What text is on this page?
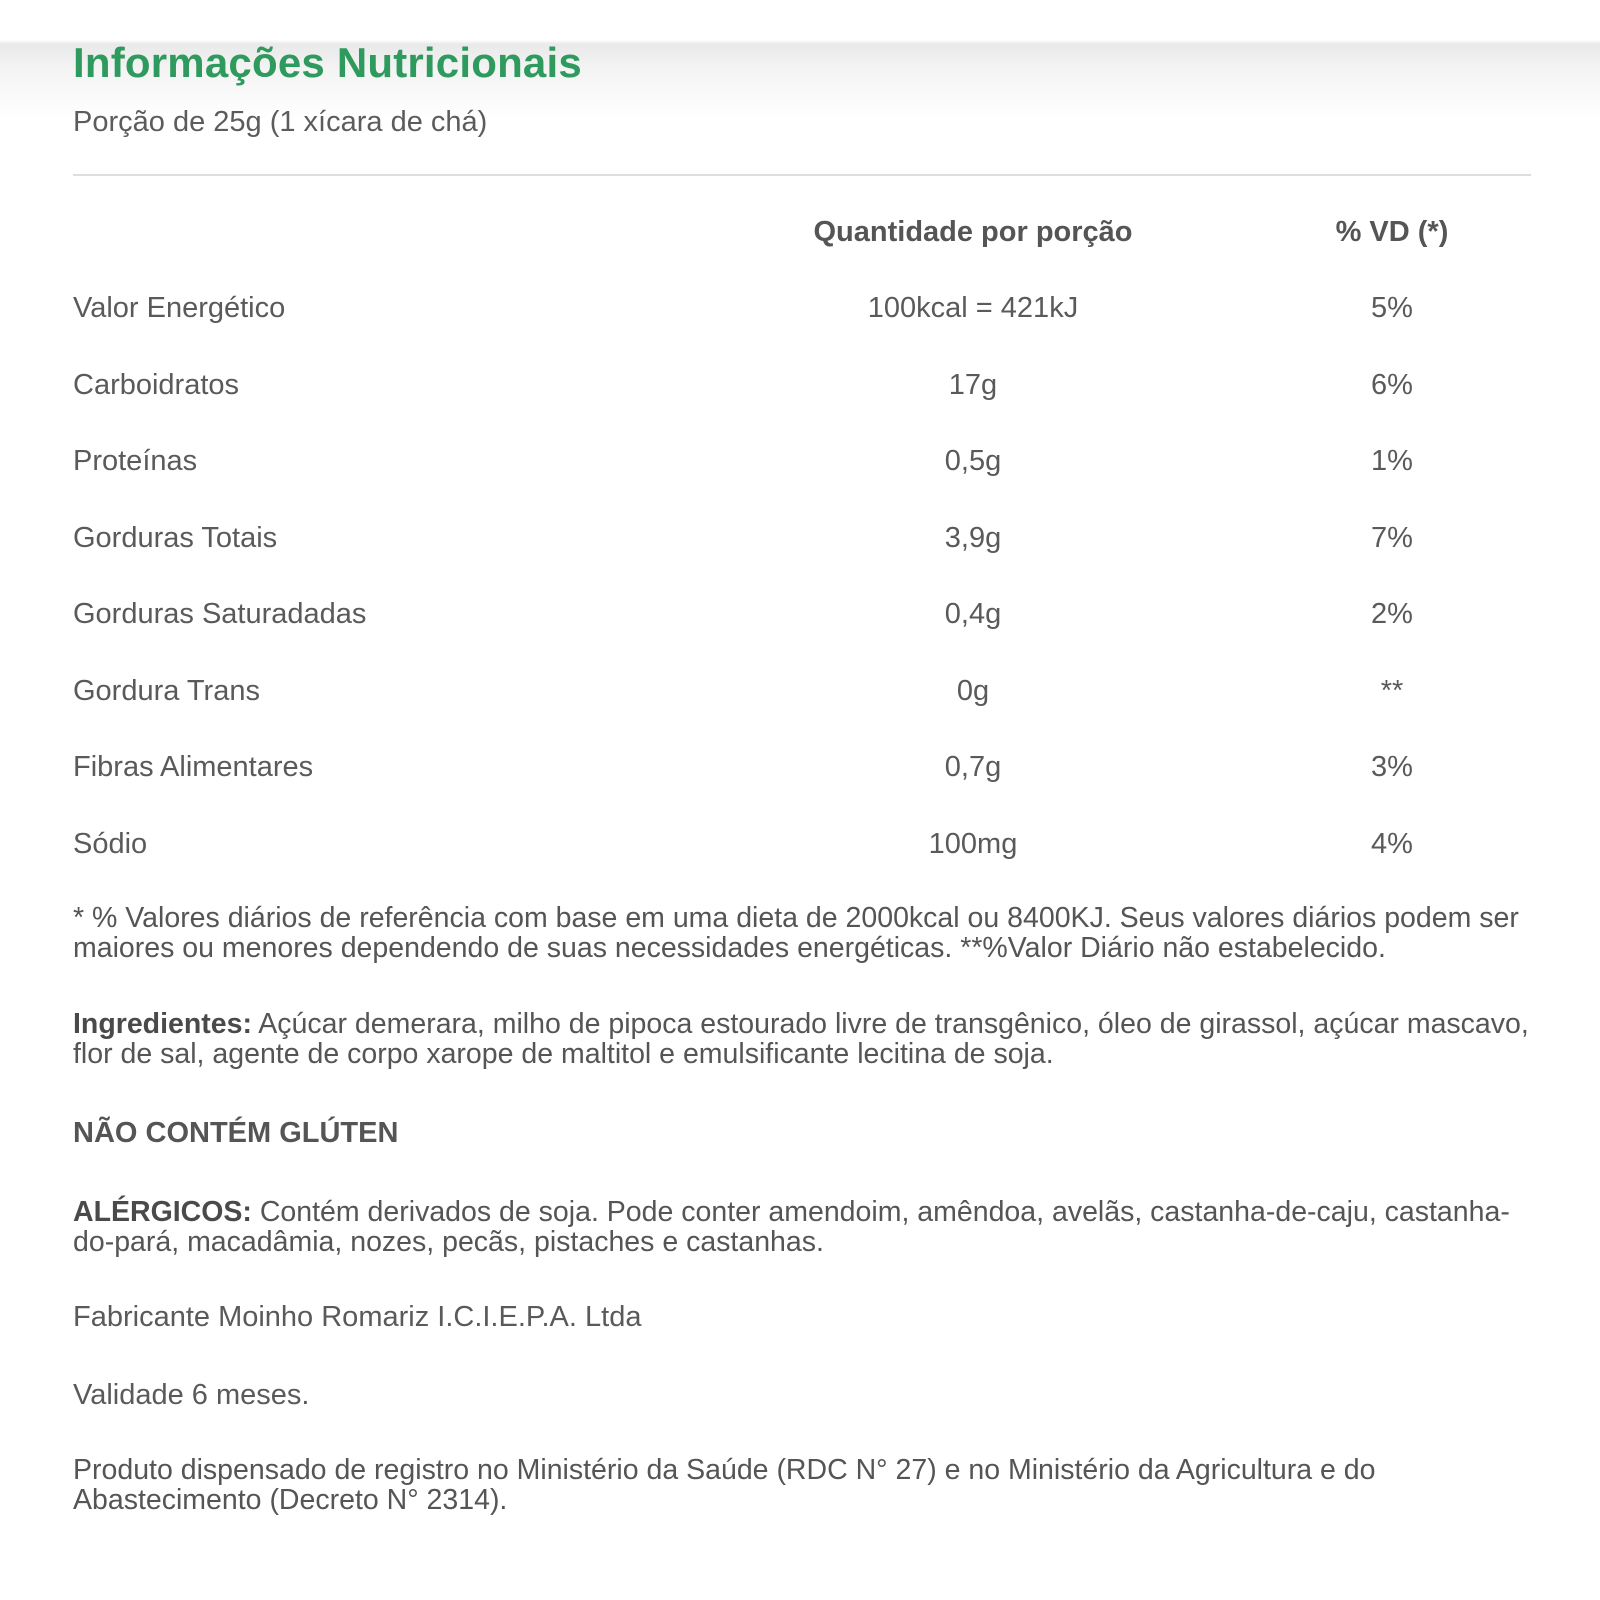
Informações Nutricionais
Porção de 25g (1 xícara de chá)
	Quantidade por porção	% VD (*)
Valor Energético	100kcal = 421kJ	5%
Carboidratos	17g	6%
Proteínas	0,5g	1%
Gorduras Totais	3,9g	7%
Gorduras Saturadadas	0,4g	2%
Gordura Trans	0g	**
Fibras Alimentares	0,7g	3%
Sódio	100mg	4%
* % Valores diários de referência com base em uma dieta de 2000kcal ou 8400KJ. Seus valores diários podem ser maiores ou menores dependendo de suas necessidades energéticas. **%Valor Diário não estabelecido.
Ingredientes: Açúcar demerara, milho de pipoca estourado livre de transgênico, óleo de girassol, açúcar mascavo, flor de sal, agente de corpo xarope de maltitol e emulsificante lecitina de soja.
NÃO CONTÉM GLÚTEN
ALÉRGICOS: Contém derivados de soja. Pode conter amendoim, amêndoa, avelãs, castanha-de-caju, castanha-do-pará, macadâmia, nozes, pecãs, pistaches e castanhas.
Fabricante Moinho Romariz I.C.I.E.P.A. Ltda
Validade 6 meses.
Produto dispensado de registro no Ministério da Saúde (RDC N° 27) e no Ministério da Agricultura e do Abastecimento (Decreto N° 2314).
